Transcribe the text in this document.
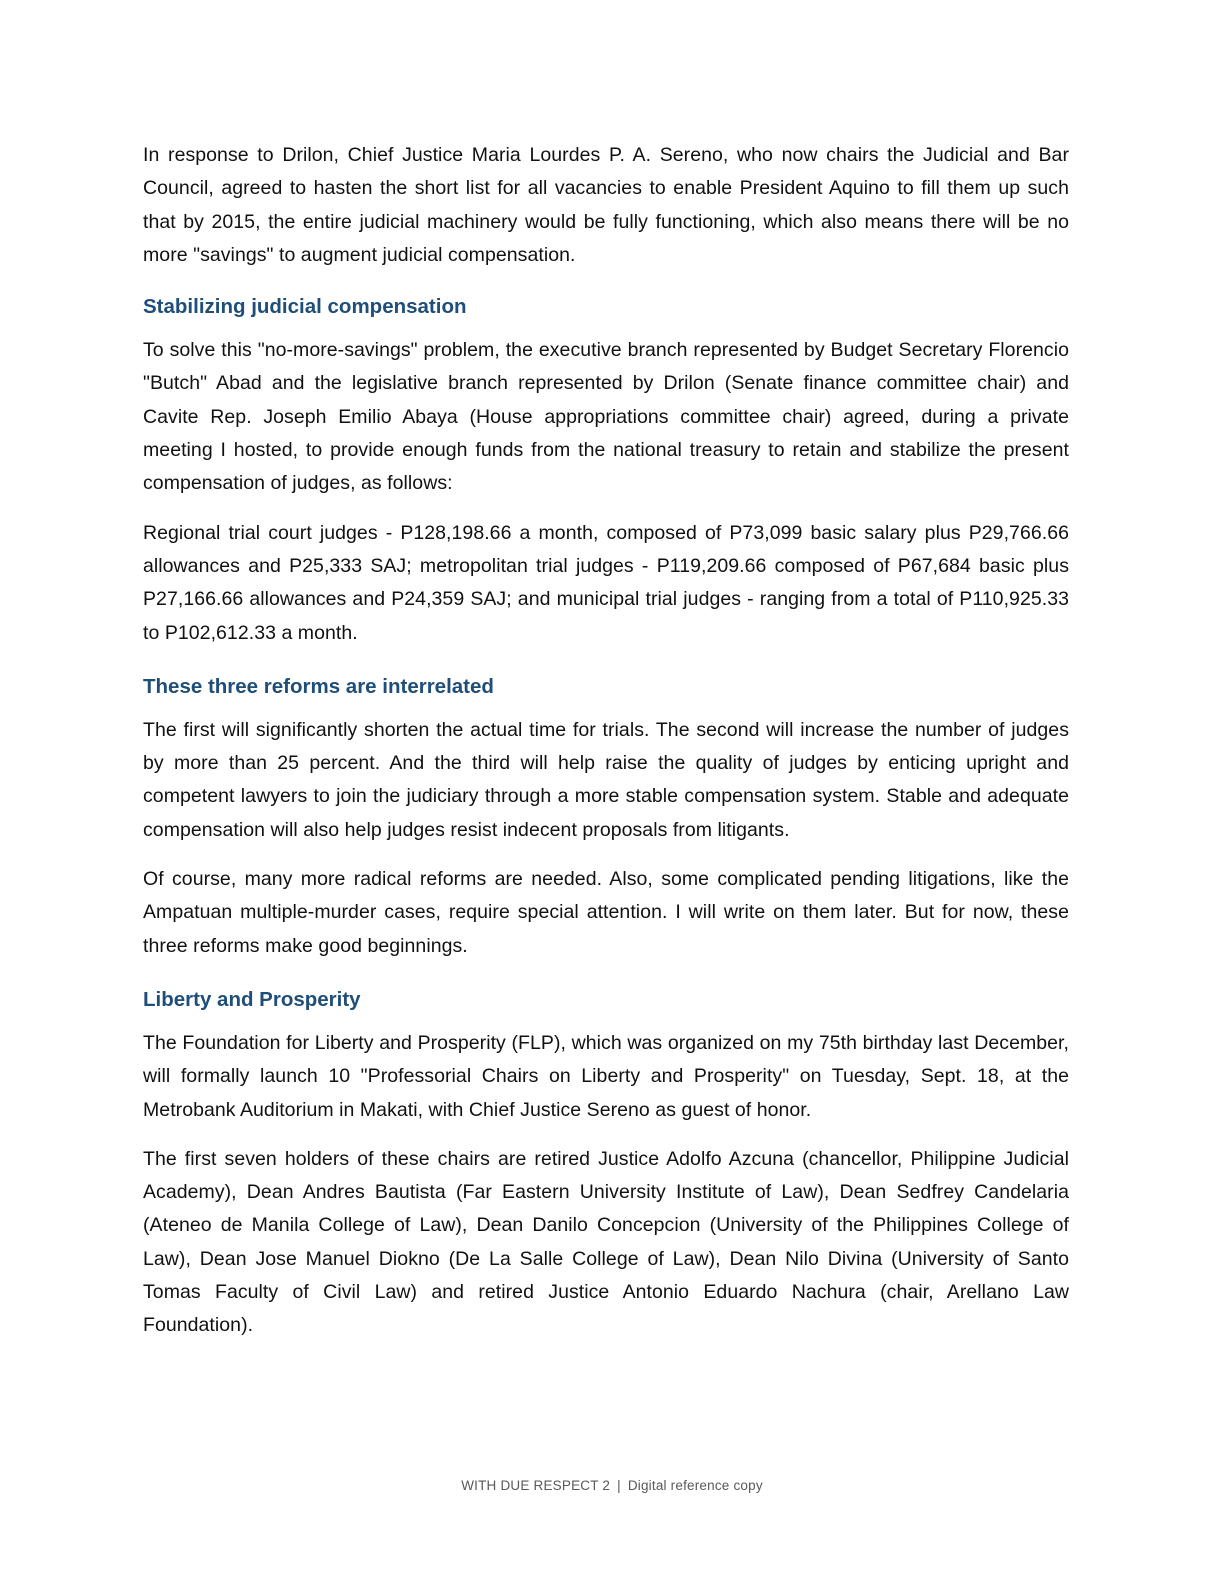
In response to Drilon, Chief Justice Maria Lourdes P. A. Sereno, who now chairs the Judicial and Bar Council, agreed to hasten the short list for all vacancies to enable President Aquino to fill them up such that by 2015, the entire judicial machinery would be fully functioning, which also means there will be no more "savings" to augment judicial compensation.

Stabilizing judicial compensation

To solve this "no-more-savings" problem, the executive branch represented by Budget Secretary Florencio "Butch" Abad and the legislative branch represented by Drilon (Senate finance committee chair) and Cavite Rep. Joseph Emilio Abaya (House appropriations committee chair) agreed, during a private meeting I hosted, to provide enough funds from the national treasury to retain and stabilize the present compensation of judges, as follows:

Regional trial court judges - P128,198.66 a month, composed of P73,099 basic salary plus P29,766.66 allowances and P25,333 SAJ; metropolitan trial judges - P119,209.66 composed of P67,684 basic plus P27,166.66 allowances and P24,359 SAJ; and municipal trial judges - ranging from a total of P110,925.33 to P102,612.33 a month.

These three reforms are interrelated

The first will significantly shorten the actual time for trials. The second will increase the number of judges by more than 25 percent. And the third will help raise the quality of judges by enticing upright and competent lawyers to join the judiciary through a more stable compensation system. Stable and adequate compensation will also help judges resist indecent proposals from litigants.

Of course, many more radical reforms are needed. Also, some complicated pending litigations, like the Ampatuan multiple-murder cases, require special attention. I will write on them later. But for now, these three reforms make good beginnings.

Liberty and Prosperity

The Foundation for Liberty and Prosperity (FLP), which was organized on my 75th birthday last December, will formally launch 10 "Professorial Chairs on Liberty and Prosperity" on Tuesday, Sept. 18, at the Metrobank Auditorium in Makati, with Chief Justice Sereno as guest of honor.

The first seven holders of these chairs are retired Justice Adolfo Azcuna (chancellor, Philippine Judicial Academy), Dean Andres Bautista (Far Eastern University Institute of Law), Dean Sedfrey Candelaria (Ateneo de Manila College of Law), Dean Danilo Concepcion (University of the Philippines College of Law), Dean Jose Manuel Diokno (De La Salle College of Law), Dean Nilo Divina (University of Santo Tomas Faculty of Civil Law) and retired Justice Antonio Eduardo Nachura (chair, Arellano Law Foundation).

WITH DUE RESPECT 2 | Digital reference copy
